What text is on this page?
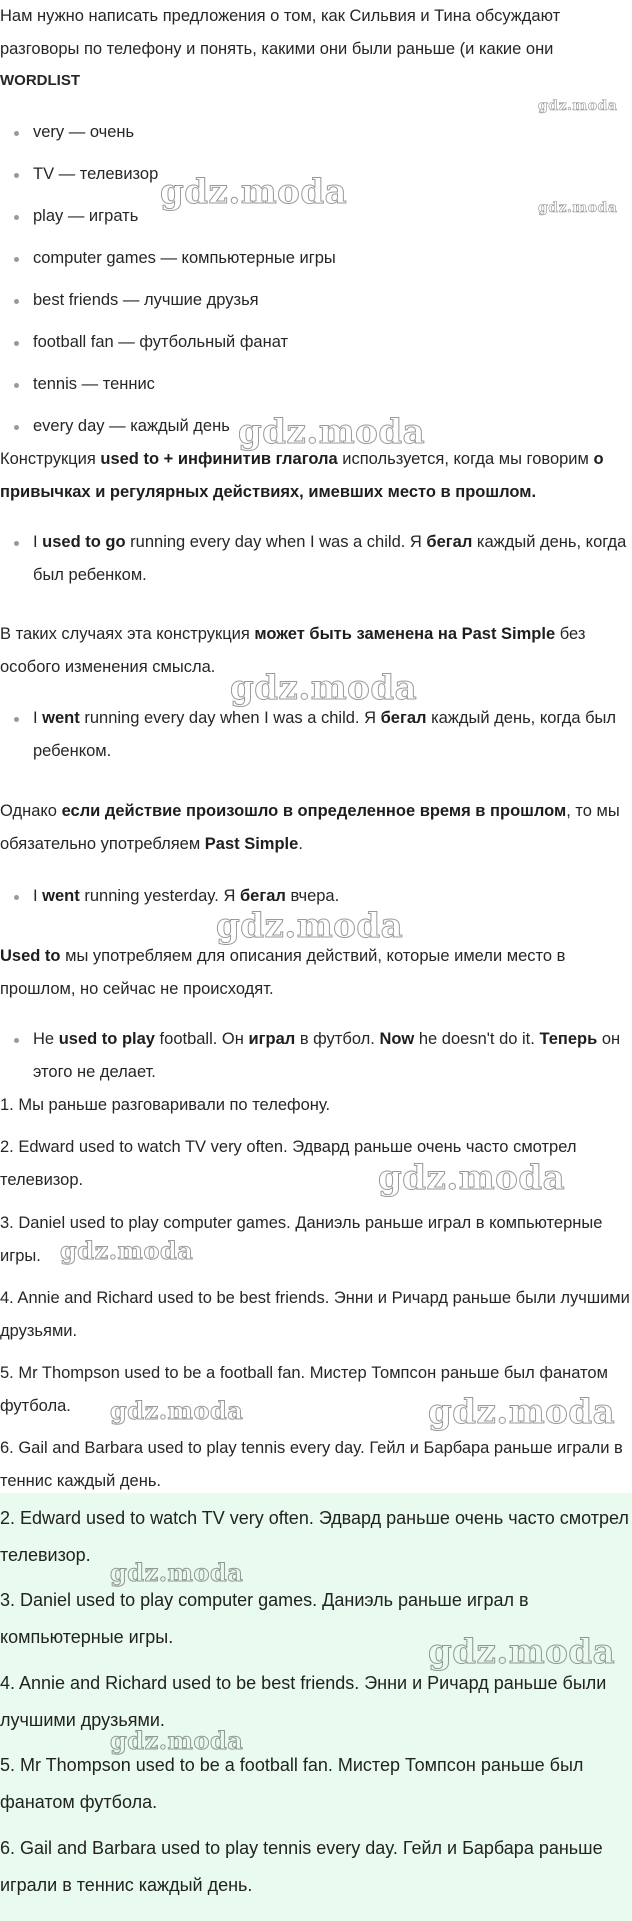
Нам нужно написать предложения о том, как Сильвия и Тина обсуждают разговоры по телефону и понять, какими они были раньше (и какие они

WORDLIST

very — очень

TV — телевизор

play — играть

computer games — компьютерные игры

best friends — лучшие друзья

football fan — футбольный фанат

tennis — теннис

every day — каждый день

Конструкция used to + инфинитив глагола используется, когда мы говорим о привычках и регулярных действиях, имевших место в прошлом.

I used to go running every day when I was a child. Я бегал каждый день, когда был ребенком.

В таких случаях эта конструкция может быть заменена на Past Simple без особого изменения смысла.

I went running every day when I was a child. Я бегал каждый день, когда был ребенком.

Однако если действие произошло в определенное время в прошлом, то мы обязательно употребляем Past Simple.

I went running yesterday. Я бегал вчера.

Used to мы употребляем для описания действий, которые имели место в прошлом, но сейчас не происходят.

He used to play football. Он играл в футбол. Now he doesn't do it. Теперь он этого не делает.

1. Мы раньше разговаривали по телефону.

2. Edward used to watch TV very often. Эдвард раньше очень часто смотрел телевизор.

3. Daniel used to play computer games. Даниэль раньше играл в компьютерные игры.

4. Annie and Richard used to be best friends. Энни и Ричард раньше были лучшими друзьями.

5. Mr Thompson used to be a football fan. Мистер Томпсон раньше был фанатом футбола.

6. Gail and Barbara used to play tennis every day. Гейл и Барбара раньше играли в теннис каждый день.

2. Edward used to watch TV very often. Эдвард раньше очень часто смотрел телевизор.

3. Daniel used to play computer games. Даниэль раньше играл в компьютерные игры.

4. Annie and Richard used to be best friends. Энни и Ричард раньше были лучшими друзьями.

5. Mr Thompson used to be a football fan. Мистер Томпсон раньше был фанатом футбола.

6. Gail and Barbara used to play tennis every day. Гейл и Барбара раньше играли в теннис каждый день.

gdz.moda
gdz.moda
gdz.moda
gdz.moda
gdz.moda
gdz.moda
gdz.moda
gdz.moda
gdz.moda	gdz.moda
